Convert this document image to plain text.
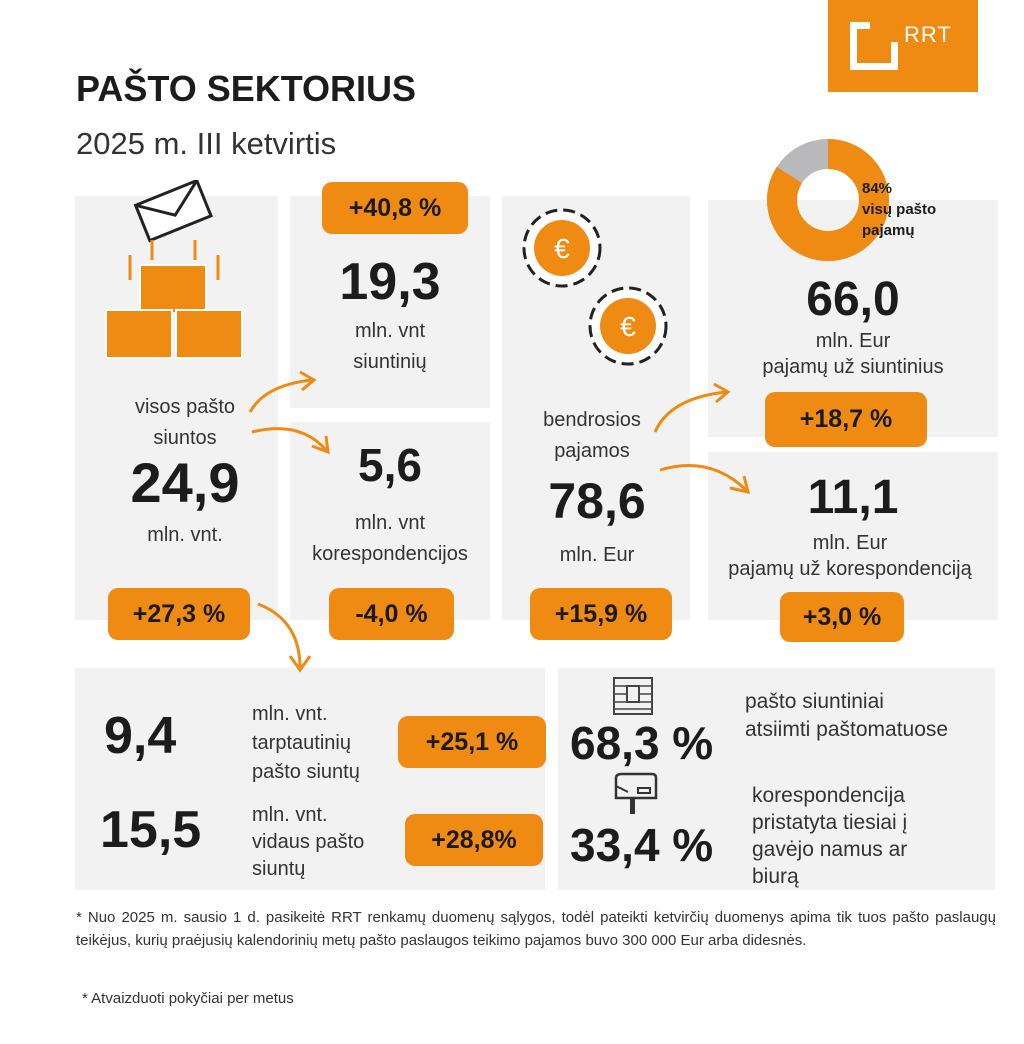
RRT
PAŠTO SEKTORIUS
2025 m. III ketvirtis
visos pašto
siuntos
24,9
mln. vnt.
+27,3 %
+40,8 %
19,3
mln. vnt
siuntinių
5,6
mln. vnt
korespondencijos
-4,0 %
€
€
bendrosios
pajamos
78,6
mln. Eur
+15,9 %
84%
visų pašto
pajamų
66,0
mln. Eur
pajamų už siuntinius
+18,7 %
11,1
mln. Eur
pajamų už korespondenciją
+3,0 %
9,4	mln. vnt.
tarptautinių
pašto siuntų
+25,1 %
15,5	mln. vnt.
vidaus pašto
siuntų
+28,8%
68,3 %
pašto siuntiniai
atsiimti paštomatuose
33,4 %
korespondencija
pristatyta tiesiai į
gavėjo namus ar
biurą
* Nuo 2025 m. sausio 1 d. pasikeitė RRT renkamų duomenų sąlygos, todėl pateikti ketvirčių duomenys apima tik tuos pašto paslaugų teikėjus, kurių praėjusių kalendorinių metų pašto paslaugos teikimo pajamos buvo 300 000 Eur arba didesnės.
* Atvaizduoti pokyčiai per metus
